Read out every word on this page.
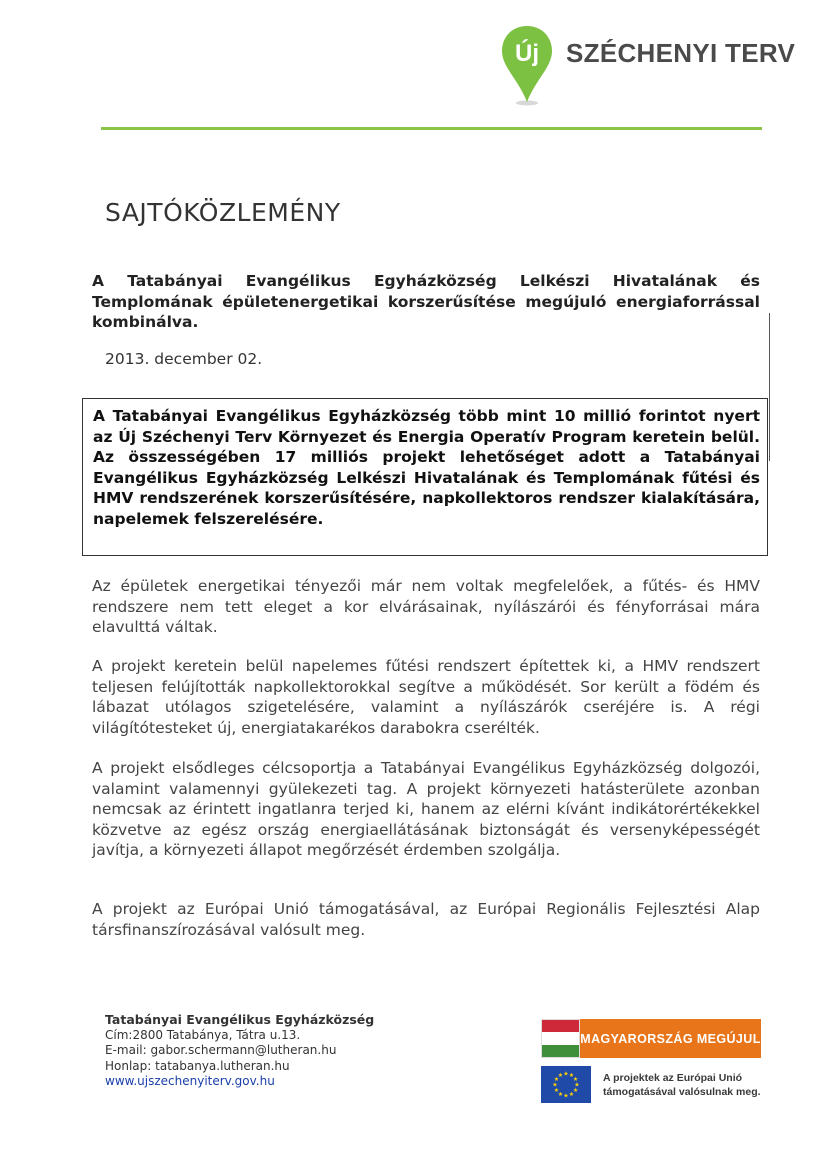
Új SZÉCHENYI TERV
SAJTÓKÖZLEMÉNY
A Tatabányai Evangélikus Egyházközség Lelkészi Hivatalának és Templomának épületenergetikai korszerűsítése megújuló energiaforrással kombinálva.
2013. december 02.
A Tatabányai Evangélikus Egyházközség több mint 10 millió forintot nyert az Új Széchenyi Terv Környezet és Energia Operatív Program keretein belül. Az összességében 17 milliós projekt lehetőséget adott a Tatabányai Evangélikus Egyházközség Lelkészi Hivatalának és Templomának fűtési és HMV rendszerének korszerűsítésére, napkollektoros rendszer kialakítására, napelemek felszerelésére.
Az épületek energetikai tényezői már nem voltak megfelelőek, a fűtés- és HMV rendszere nem tett eleget a kor elvárásainak, nyílászárói és fényforrásai mára elavulttá váltak.
A projekt keretein belül napelemes fűtési rendszert építettek ki, a HMV rendszert teljesen felújították napkollektorokkal segítve a működését. Sor került a födém és lábazat utólagos szigetelésére, valamint a nyílászárók cseréjére is. A régi világítótesteket új, energiatakarékos darabokra cserélték.
A projekt elsődleges célcsoportja a Tatabányai Evangélikus Egyházközség dolgozói, valamint valamennyi gyülekezeti tag. A projekt környezeti hatásterülete azonban nemcsak az érintett ingatlanra terjed ki, hanem az elérni kívánt indikátorértékekkel közvetve az egész ország energiaellátásának biztonságát és versenyképességét javítja, a környezeti állapot megőrzését érdemben szolgálja.
A projekt az Európai Unió támogatásával, az Európai Regionális Fejlesztési Alap társfinanszírozásával valósult meg.
Tatabányai Evangélikus Egyházközség
Cím:2800 Tatabánya, Tátra u.13.
E-mail: gabor.schermann@lutheran.hu
Honlap: tatabanya.lutheran.hu
www.ujszechenyiterv.gov.hu
MAGYARORSZÁG MEGÚJUL
★ ★
★
★
★
★
★
★
★
★
★
★	A projektek az Európai Unió
támogatásával valósulnak meg.
